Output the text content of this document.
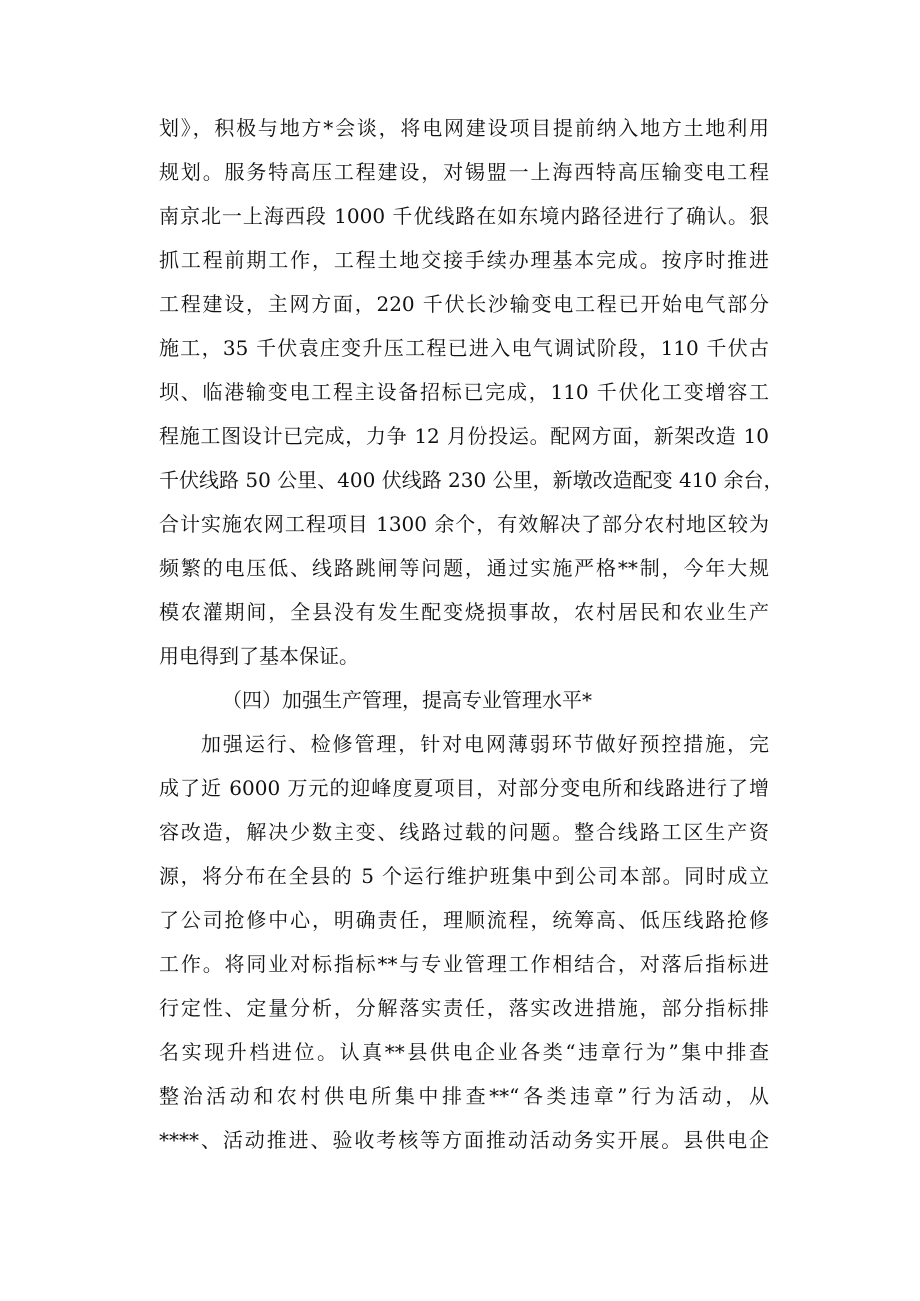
划》，积极与地方*会谈，将电网建设项目提前纳入地方土地利用
规划。服务特高压工程建设，对锡盟一上海西特高压输变电工程
南京北一上海西段 1000 千优线路在如东境内路径进行了确认。狠
抓工程前期工作，工程土地交接手续办理基本完成。按序时推进
工程建设，主网方面，220 千伏长沙输变电工程已开始电气部分
施工，35 千伏袁庄变升压工程已进入电气调试阶段，110 千伏古
坝、临港输变电工程主设备招标已完成，110 千伏化工变增容工
程施工图设计已完成，力争 12 月份投运。配网方面，新架改造 10
千伏线路 50 公里、400 伏线路 230 公里，新墩改造配变 410 余台，
合计实施农网工程项目 1300 余个，有效解决了部分农村地区较为
频繁的电压低、线路跳闸等问题，通过实施严格**制，今年大规
模农灌期间，全县没有发生配变烧损事故，农村居民和农业生产
用电得到了基本保证。
（四）加强生产管理，提高专业管理水平*
加强运行、检修管理，针对电网薄弱环节做好预控措施，完
成了近 6000 万元的迎峰度夏项目，对部分变电所和线路进行了增
容改造，解决少数主变、线路过载的问题。整合线路工区生产资
源，将分布在全县的 5 个运行维护班集中到公司本部。同时成立
了公司抢修中心，明确责任，理顺流程，统筹高、低压线路抢修
工作。将同业对标指标**与专业管理工作相结合，对落后指标进
行定性、定量分析，分解落实责任，落实改进措施，部分指标排
名实现升档进位。认真**县供电企业各类“违章行为”集中排查
整治活动和农村供电所集中排查**“各类违章”行为活动，从
****、活动推进、验收考核等方面推动活动务实开展。县供电企
